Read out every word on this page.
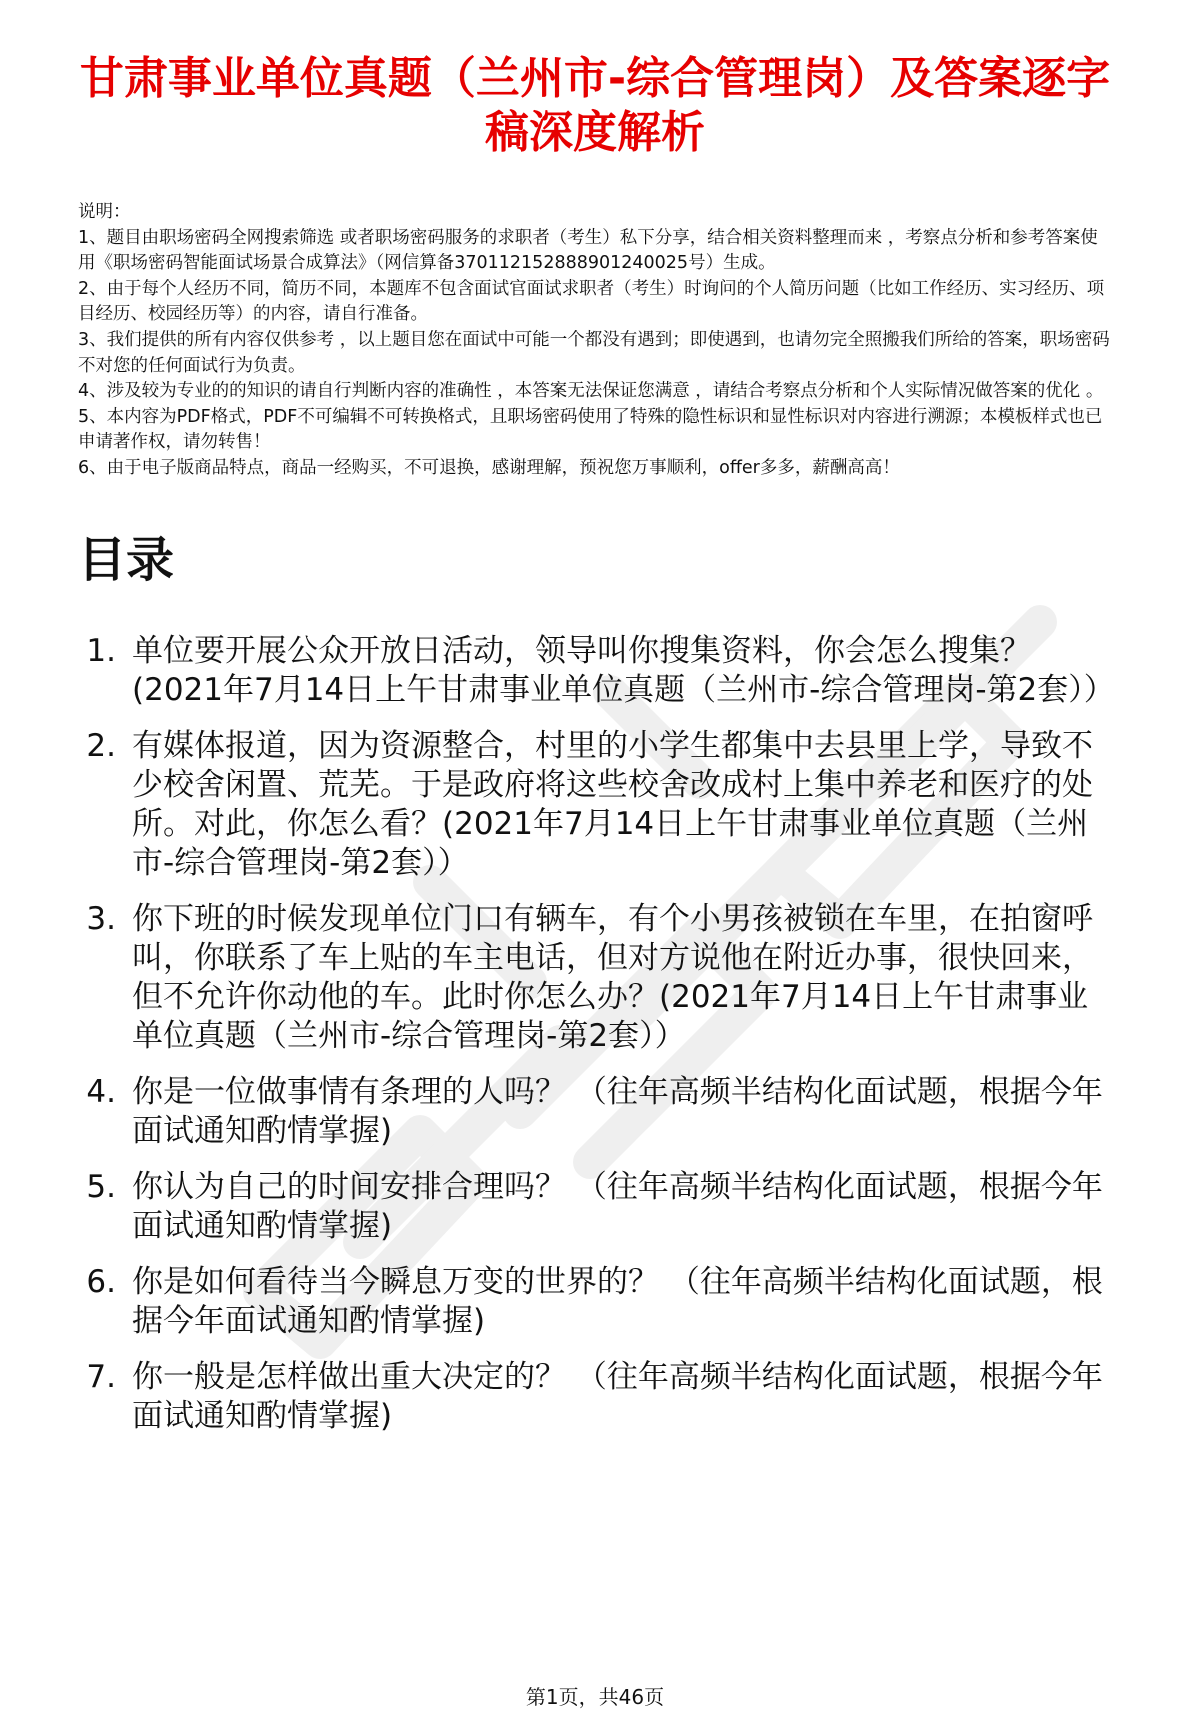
甘肃事业单位真题（兰州市-综合管理岗）及答案逐字稿深度解析

说明：

1、题目由职场密码全网搜索筛选 或者职场密码服务的求职者（考生）私下分享，结合相关资料整理而来 ，考察点分析和参考答案使用《职场密码智能面试场景合成算法》（网信算备370112152888901240025号）生成。

2、由于每个人经历不同，简历不同，本题库不包含面试官面试求职者（考生）时询问的个人简历问题（比如工作经历、实习经历、项目经历、校园经历等）的内容，请自行准备。

3、我们提供的所有内容仅供参考 ，以上题目您在面试中可能一个都没有遇到；即使遇到，也请勿完全照搬我们所给的答案，职场密码不对您的任何面试行为负责。

4、涉及较为专业的的知识的请自行判断内容的准确性 ，本答案无法保证您满意 ，请结合考察点分析和个人实际情况做答案的优化 。

5、本内容为PDF格式，PDF不可编辑不可转换格式，且职场密码使用了特殊的隐性标识和显性标识对内容进行溯源；本模板样式也已申请著作权，请勿转售！

6、由于电子版商品特点，商品一经购买，不可退换，感谢理解，预祝您万事顺利，offer多多，薪酬高高！

目录
1 . 单位要开展公众开放日活动，领导叫你搜集资料，你会怎么搜集？(2021年7月14日上午甘肃事业单位真题（兰州市-综合管理岗-第2套））
2 . 有媒体报道，因为资源整合，村里的小学生都集中去县里上学，导致不少校舍闲置、荒芜。于是政府将这些校舍改成村上集中养老和医疗的处所。对此，你怎么看？(2021年7月14日上午甘肃事业单位真题（兰州市-综合管理岗-第2套））
3 . 你下班的时候发现单位门口有辆车，有个小男孩被锁在车里，在拍窗呼叫，你联系了车上贴的车主电话，但对方说他在附近办事，很快回来，但不允许你动他的车。此时你怎么办？(2021年7月14日上午甘肃事业单位真题（兰州市-综合管理岗-第2套））
4 . 你是一位做事情有条理的人吗？ （往年高频半结构化面试题，根据今年面试通知酌情掌握)
5 . 你认为自己的时间安排合理吗？ （往年高频半结构化面试题，根据今年面试通知酌情掌握)
6 . 你是如何看待当今瞬息万变的世界的？ （往年高频半结构化面试题，根据今年面试通知酌情掌握)
7 . 你一般是怎样做出重大决定的？ （往年高频半结构化面试题，根据今年面试通知酌情掌握)
第1页，共46页
